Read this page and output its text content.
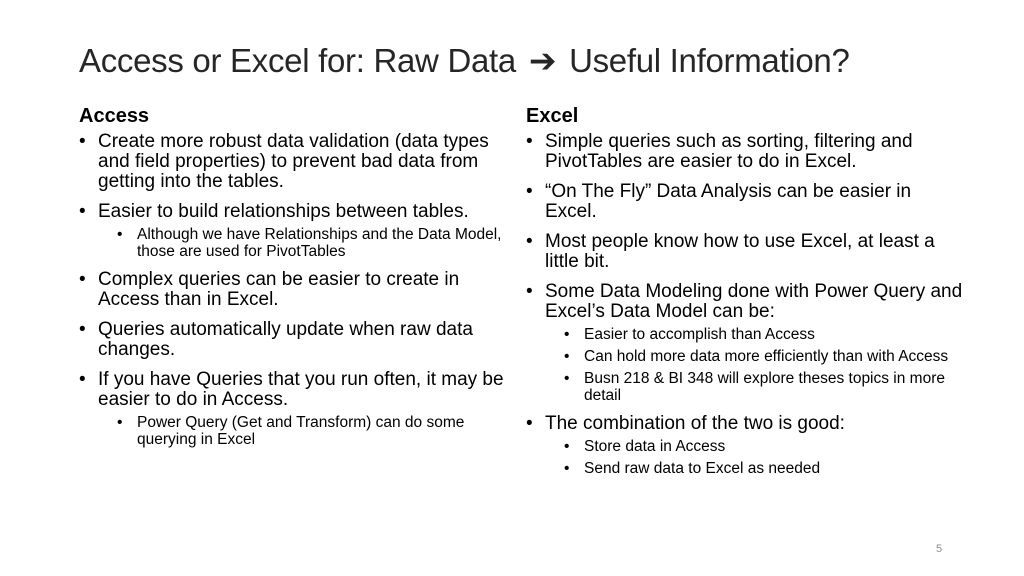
Access or Excel for: Raw Data ➔ Useful Information?
Access
• Create more robust data validation (data types and field properties) to prevent bad data from getting into the tables.
• Easier to build relationships between tables.
• Although we have Relationships and the Data Model, those are used for PivotTables
• Complex queries can be easier to create in Access than in Excel.
• Queries automatically update when raw data changes.
• If you have Queries that you run often, it may be easier to do in Access.
• Power Query (Get and Transform) can do some querying in Excel
Excel
• Simple queries such as sorting, filtering and PivotTables are easier to do in Excel.
• “On The Fly” Data Analysis can be easier in Excel.
• Most people know how to use Excel, at least a little bit.
• Some Data Modeling done with Power Query and Excel’s Data Model can be:
• Easier to accomplish than Access
• Can hold more data more efficiently than with Access
• Busn 218 & BI 348 will explore theses topics in more detail
• The combination of the two is good:
• Store data in Access
• Send raw data to Excel as needed
5
